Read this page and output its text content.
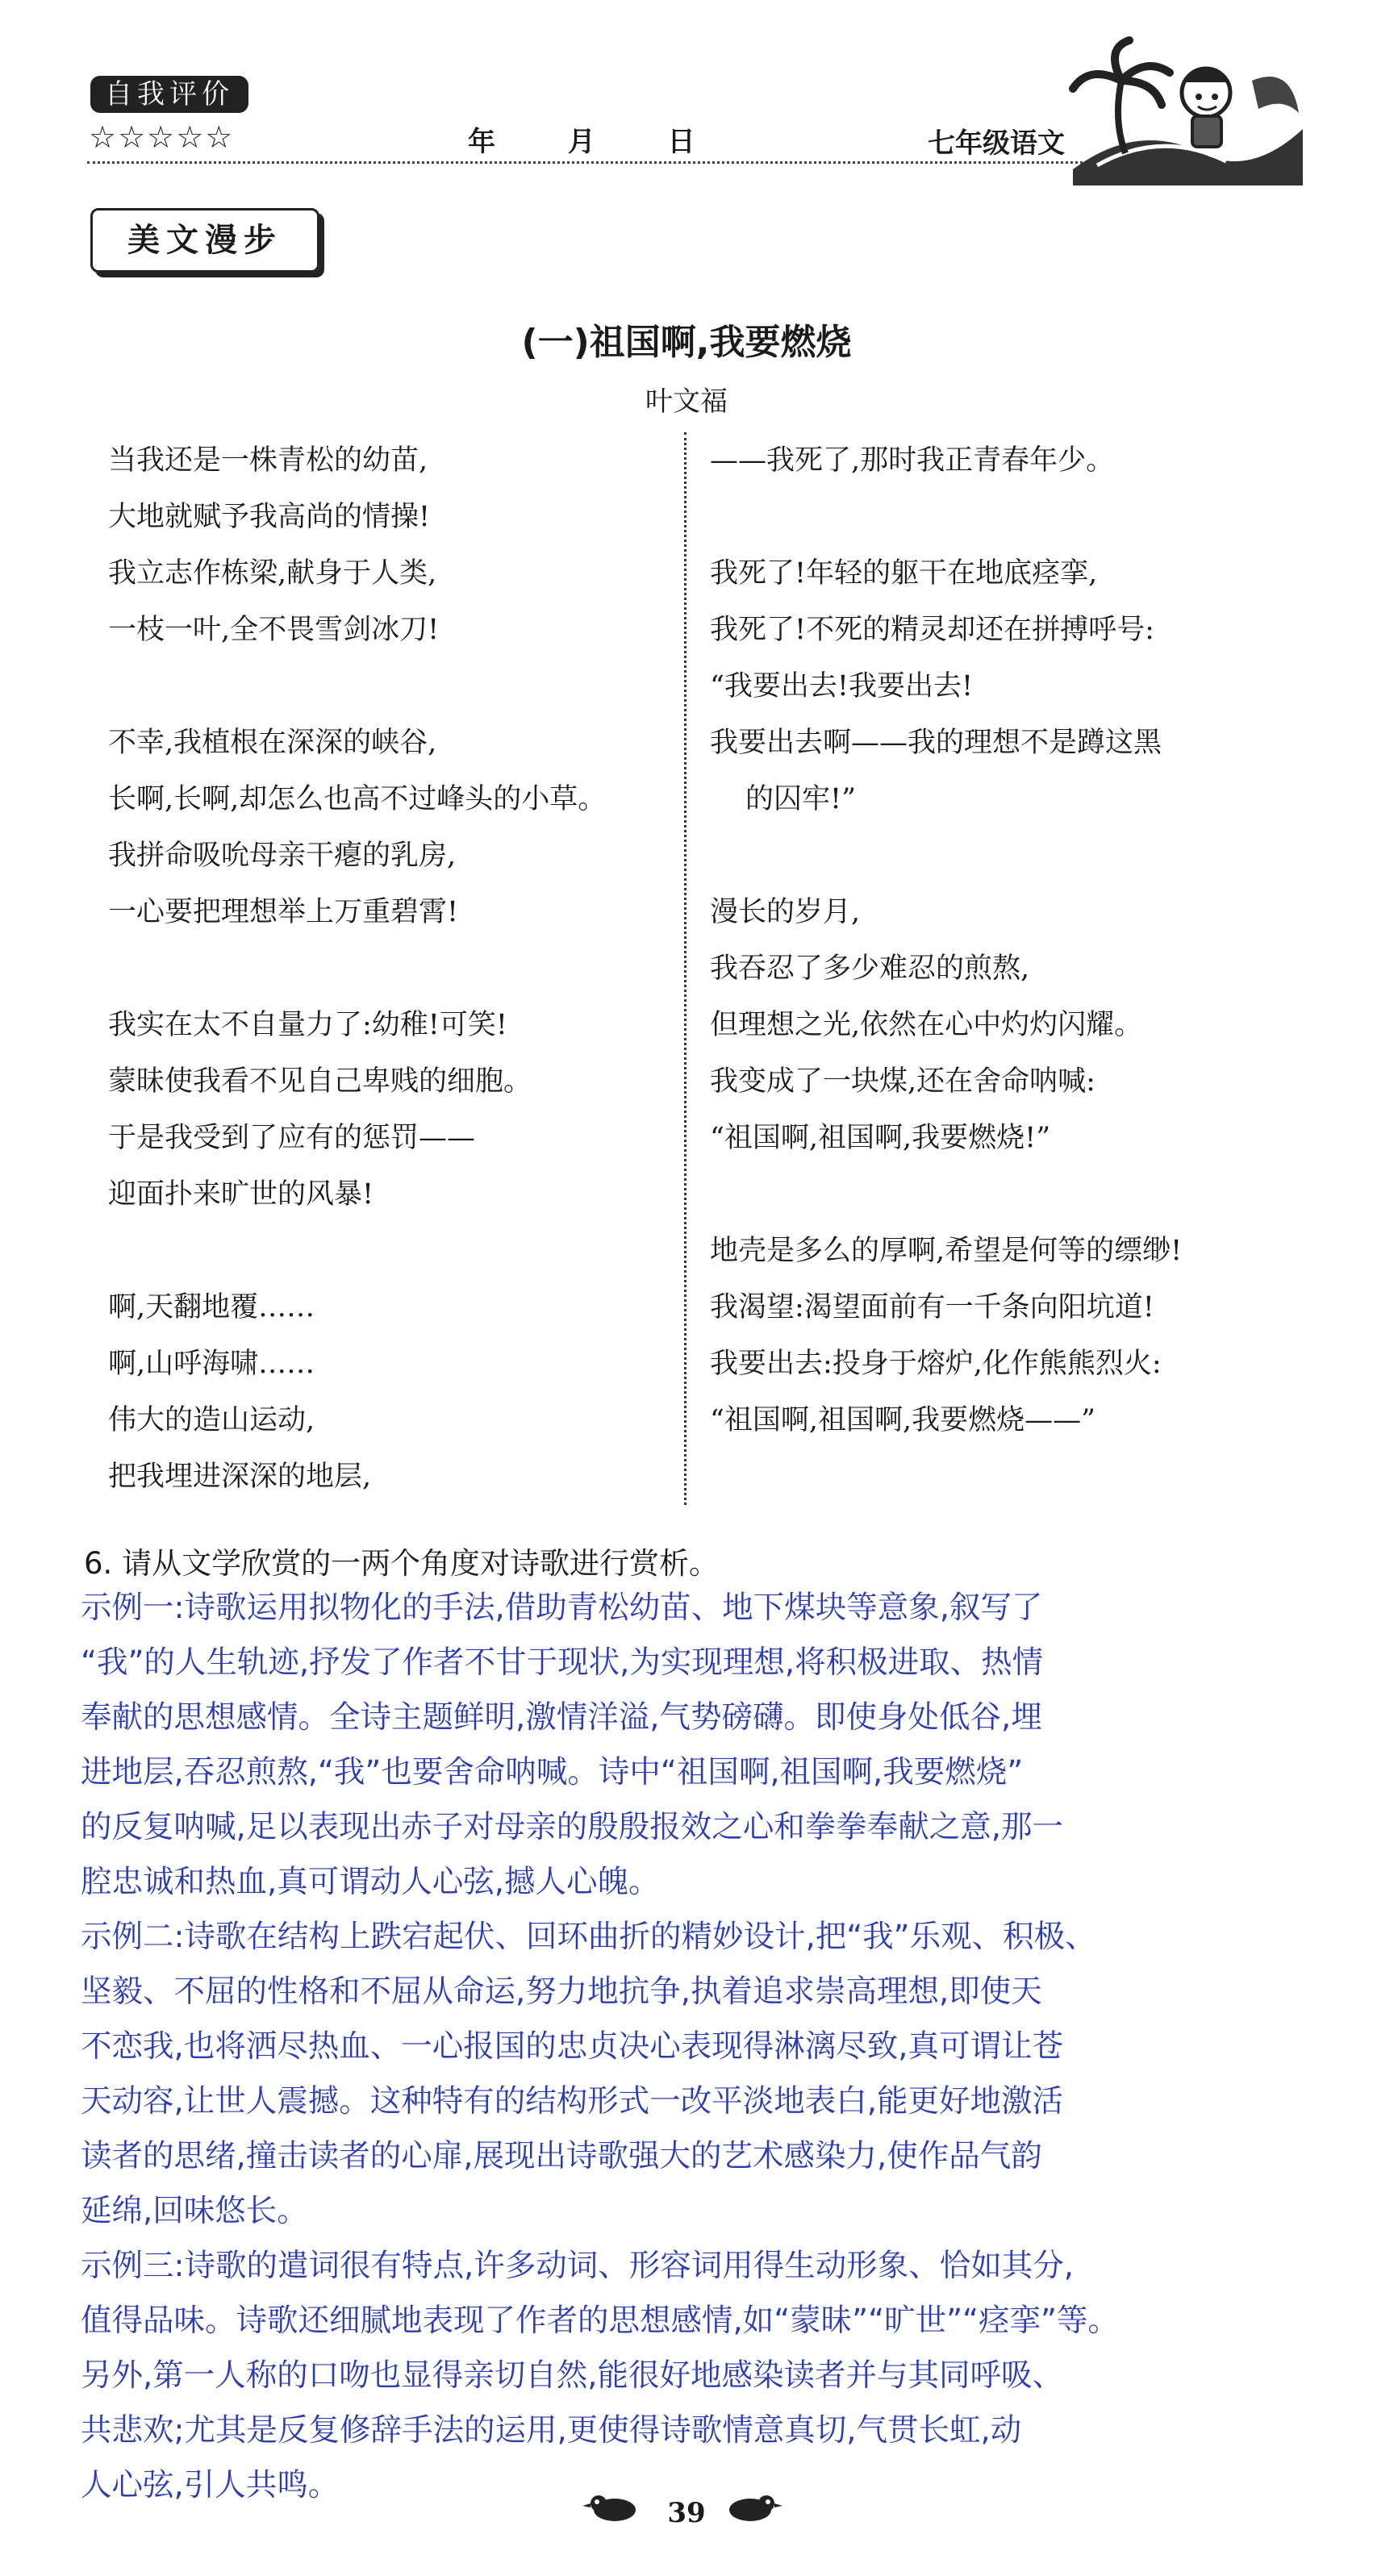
自我评价
☆☆☆☆☆	年 月 日	七年级语文
美文漫步
(一)祖国啊,我要燃烧
叶文福
当我还是一株青松的幼苗,
大地就赋予我高尚的情操!
我立志作栋梁,献身于人类,
一枝一叶,全不畏雪剑冰刀!
不幸,我植根在深深的峡谷,
长啊,长啊,却怎么也高不过峰头的小草。
我拼命吸吮母亲干瘪的乳房,
一心要把理想举上万重碧霄!
我实在太不自量力了:幼稚!可笑!
蒙昧使我看不见自己卑贱的细胞。
于是我受到了应有的惩罚——
迎面扑来旷世的风暴!
啊,天翻地覆……
啊,山呼海啸……
伟大的造山运动,
把我埋进深深的地层,
——我死了,那时我正青春年少。
我死了!年轻的躯干在地底痉挛,
我死了!不死的精灵却还在拼搏呼号:
“我要出去!我要出去!
我要出去啊——我的理想不是蹲这黑
的囚牢!”
漫长的岁月,
我吞忍了多少难忍的煎熬,
但理想之光,依然在心中灼灼闪耀。
我变成了一块煤,还在舍命呐喊:
“祖国啊,祖国啊,我要燃烧!”
地壳是多么的厚啊,希望是何等的缥缈!
我渴望:渴望面前有一千条向阳坑道!
我要出去:投身于熔炉,化作熊熊烈火:
“祖国啊,祖国啊,我要燃烧——”
6. 请从文学欣赏的一两个角度对诗歌进行赏析。
示例一:诗歌运用拟物化的手法,借助青松幼苗、地下煤块等意象,叙写了
“我”的人生轨迹,抒发了作者不甘于现状,为实现理想,将积极进取、热情
奉献的思想感情。全诗主题鲜明,激情洋溢,气势磅礴。即使身处低谷,埋
进地层,吞忍煎熬,“我”也要舍命呐喊。诗中“祖国啊,祖国啊,我要燃烧”
的反复呐喊,足以表现出赤子对母亲的殷殷报效之心和拳拳奉献之意,那一
腔忠诚和热血,真可谓动人心弦,撼人心魄。
示例二:诗歌在结构上跌宕起伏、回环曲折的精妙设计,把“我”乐观、积极、
坚毅、不屈的性格和不屈从命运,努力地抗争,执着追求崇高理想,即使天
不恋我,也将洒尽热血、一心报国的忠贞决心表现得淋漓尽致,真可谓让苍
天动容,让世人震撼。这种特有的结构形式一改平淡地表白,能更好地激活
读者的思绪,撞击读者的心扉,展现出诗歌强大的艺术感染力,使作品气韵
延绵,回味悠长。
示例三:诗歌的遣词很有特点,许多动词、形容词用得生动形象、恰如其分,
值得品味。诗歌还细腻地表现了作者的思想感情,如“蒙昧”“旷世”“痉挛”等。
另外,第一人称的口吻也显得亲切自然,能很好地感染读者并与其同呼吸、
共悲欢;尤其是反复修辞手法的运用,更使得诗歌情意真切,气贯长虹,动
人心弦,引人共鸣。
39
